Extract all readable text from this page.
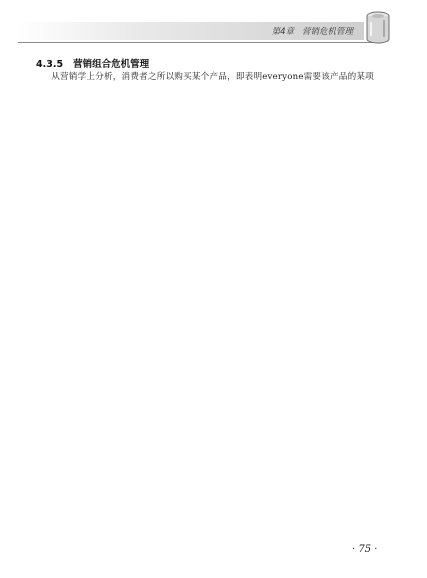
第4章 营销危机管理
4.3.5 营销组合危机管理

从营销学上分析，消费者之所以购买某个产品，即表明everyone需要该产品的某项

· 75 ·
